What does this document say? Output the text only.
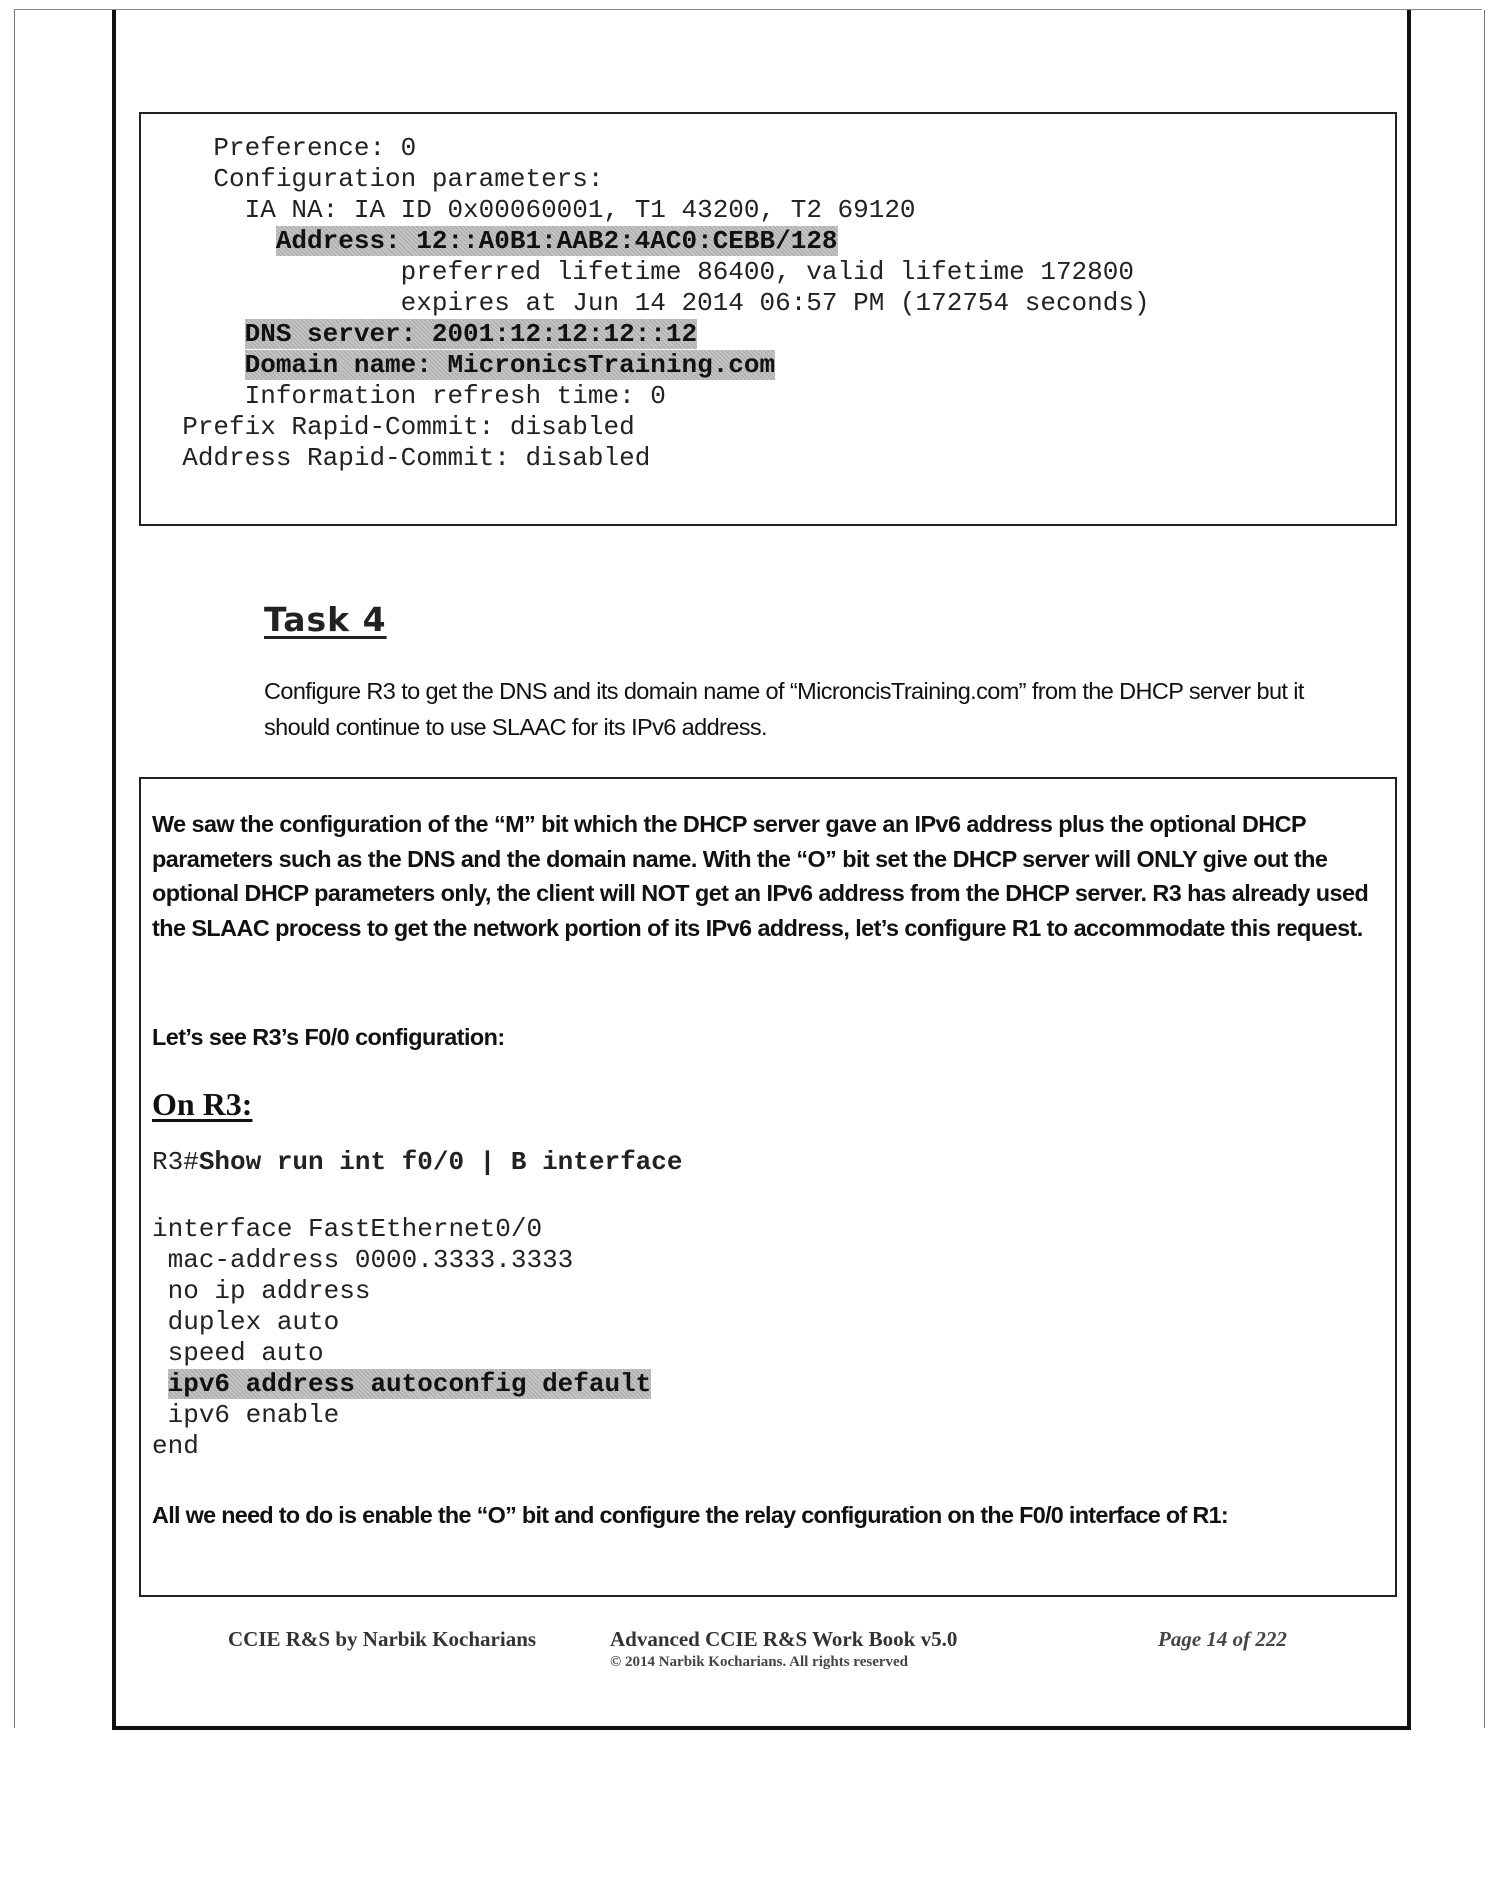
Preference: 0
Configuration parameters:
IA NA: IA ID 0x00060001, T1 43200, T2 69120
Address: 12::A0B1:AAB2:4AC0:CEBB/128
preferred lifetime 86400, valid lifetime 172800
expires at Jun 14 2014 06:57 PM (172754 seconds)
DNS server: 2001:12:12:12::12
Domain name: MicronicsTraining.com
Information refresh time: 0
Prefix Rapid-Commit: disabled
Address Rapid-Commit: disabled
Task 4
Configure R3 to get the DNS and its domain name of “MicroncisTraining.com” from the DHCP server but it should continue to use SLAAC for its IPv6 address.
We saw the configuration of the “M” bit which the DHCP server gave an IPv6 address plus the optional DHCP parameters such as the DNS and the domain name. With the “O” bit set the DHCP server will ONLY give out the optional DHCP parameters only, the client will NOT get an IPv6 address from the DHCP server. R3 has already used the SLAAC process to get the network portion of its IPv6 address, let’s configure R1 to accommodate this request.
Let’s see R3’s F0/0 configuration:
On R3:
R3#Show run int f0/0 | B interface
interface FastEthernet0/0
mac-address 0000.3333.3333
no ip address
duplex auto
speed auto
ipv6 address autoconfig default
ipv6 enable
end
All we need to do is enable the “O” bit and configure the relay configuration on the F0/0 interface of R1:
CCIE R&S by Narbik Kocharians	Advanced CCIE R&S Work Book v5.0
© 2014 Narbik Kocharians. All rights reserved
Page 14 of 222
